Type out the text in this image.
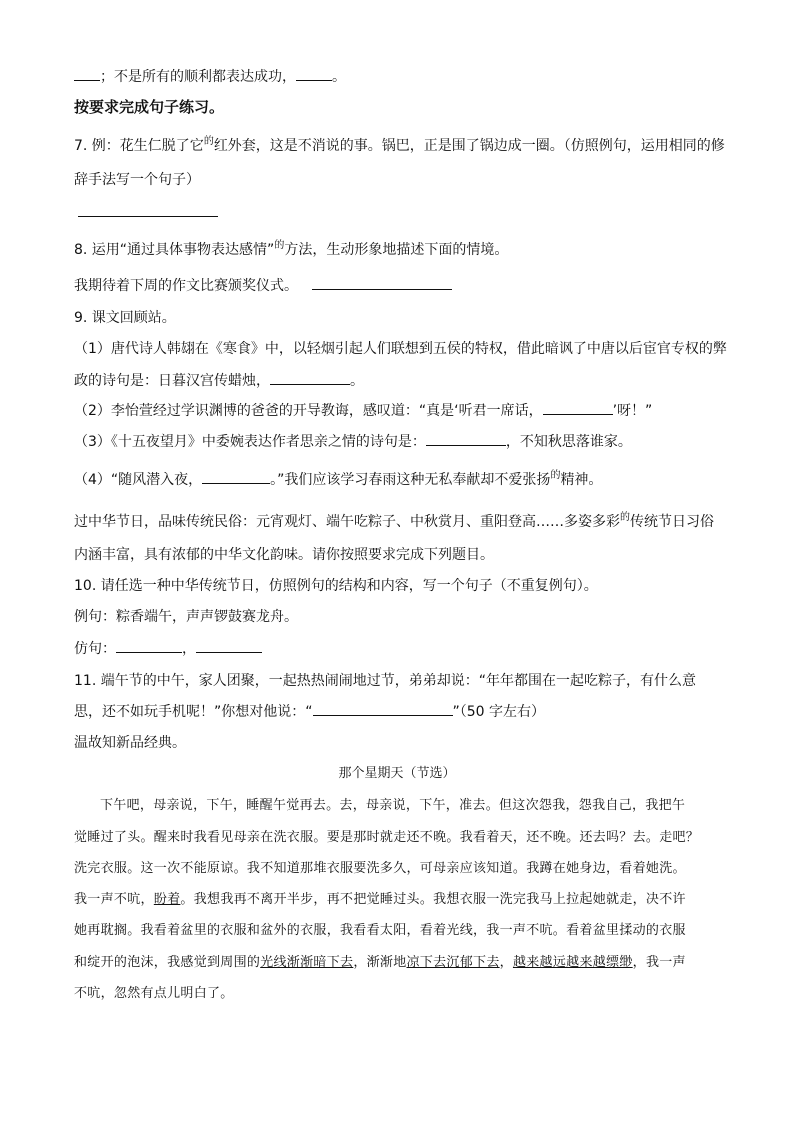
；不是所有的顺利都表达成功，	。
按要求完成句子练习。
7. 例：花生仁脱了它$^的$红外套，这是不消说的事。锅巴，正是围了锅边成一圈。（仿照例句，运用相同的修
辞手法写一个句子）
8. 运用“通过具体事物表达感情”$^的$方法，生动形象地描述下面的情境。
我期待着下周的作文比赛颁奖仪式。
9. 课文回顾站。
（1）唐代诗人韩翃在《寒食》中，以轻烟引起人们联想到五侯的特权，借此暗讽了中唐以后宦官专权的弊
政的诗句是：日暮汉宫传蜡烛，	。
（2）李怡萱经过学识渊博的爸爸的开导教诲，感叹道：“真是‘听君一席话，	’呀！”
（3）《十五夜望月》中委婉表达作者思亲之情的诗句是：	，不知秋思落谁家。
（4）“随风潜入夜，	。”我们应该学习春雨这种无私奉献却不爱张扬$^的$精神。
过中华节日，品味传统民俗：元宵观灯、端午吃粽子、中秋赏月、重阳登高……多姿多彩$^的$传统节日习俗
内涵丰富，具有浓郁的中华文化韵味。请你按照要求完成下列题目。
10. 请任选一种中华传统节日，仿照例句的结构和内容，写一个句子（不重复例句）。
例句：粽香端午，声声锣鼓赛龙舟。
仿句：	，
11. 端午节的中午，家人团聚，一起热热闹闹地过节，弟弟却说：“年年都围在一起吃粽子，有什么意
思，还不如玩手机呢！”你想对他说：“	”（50 字左右）
温故知新品经典。
那个星期天（节选）
下午吧，母亲说，下午，睡醒午觉再去。去，母亲说，下午，准去。但这次怨我，怨我自己，我把午
觉睡过了头。醒来时我看见母亲在洗衣服。要是那时就走还不晚。我看着天，还不晚。还去吗？去。走吧？
洗完衣服。这一次不能原谅。我不知道那堆衣服要洗多久，可母亲应该知道。我蹲在她身边，看着她洗。
我一声不吭，盼着。我想我再不离开半步，再不把觉睡过头。我想衣服一洗完我马上拉起她就走，决不许
她再耽搁。我看着盆里的衣服和盆外的衣服，我看看太阳，看着光线，我一声不吭。看着盆里揉动的衣服
和绽开的泡沫，我感觉到周围的光线渐渐暗下去，渐渐地凉下去沉郁下去，越来越远越来越缥缈，我一声
不吭，忽然有点儿明白了。
